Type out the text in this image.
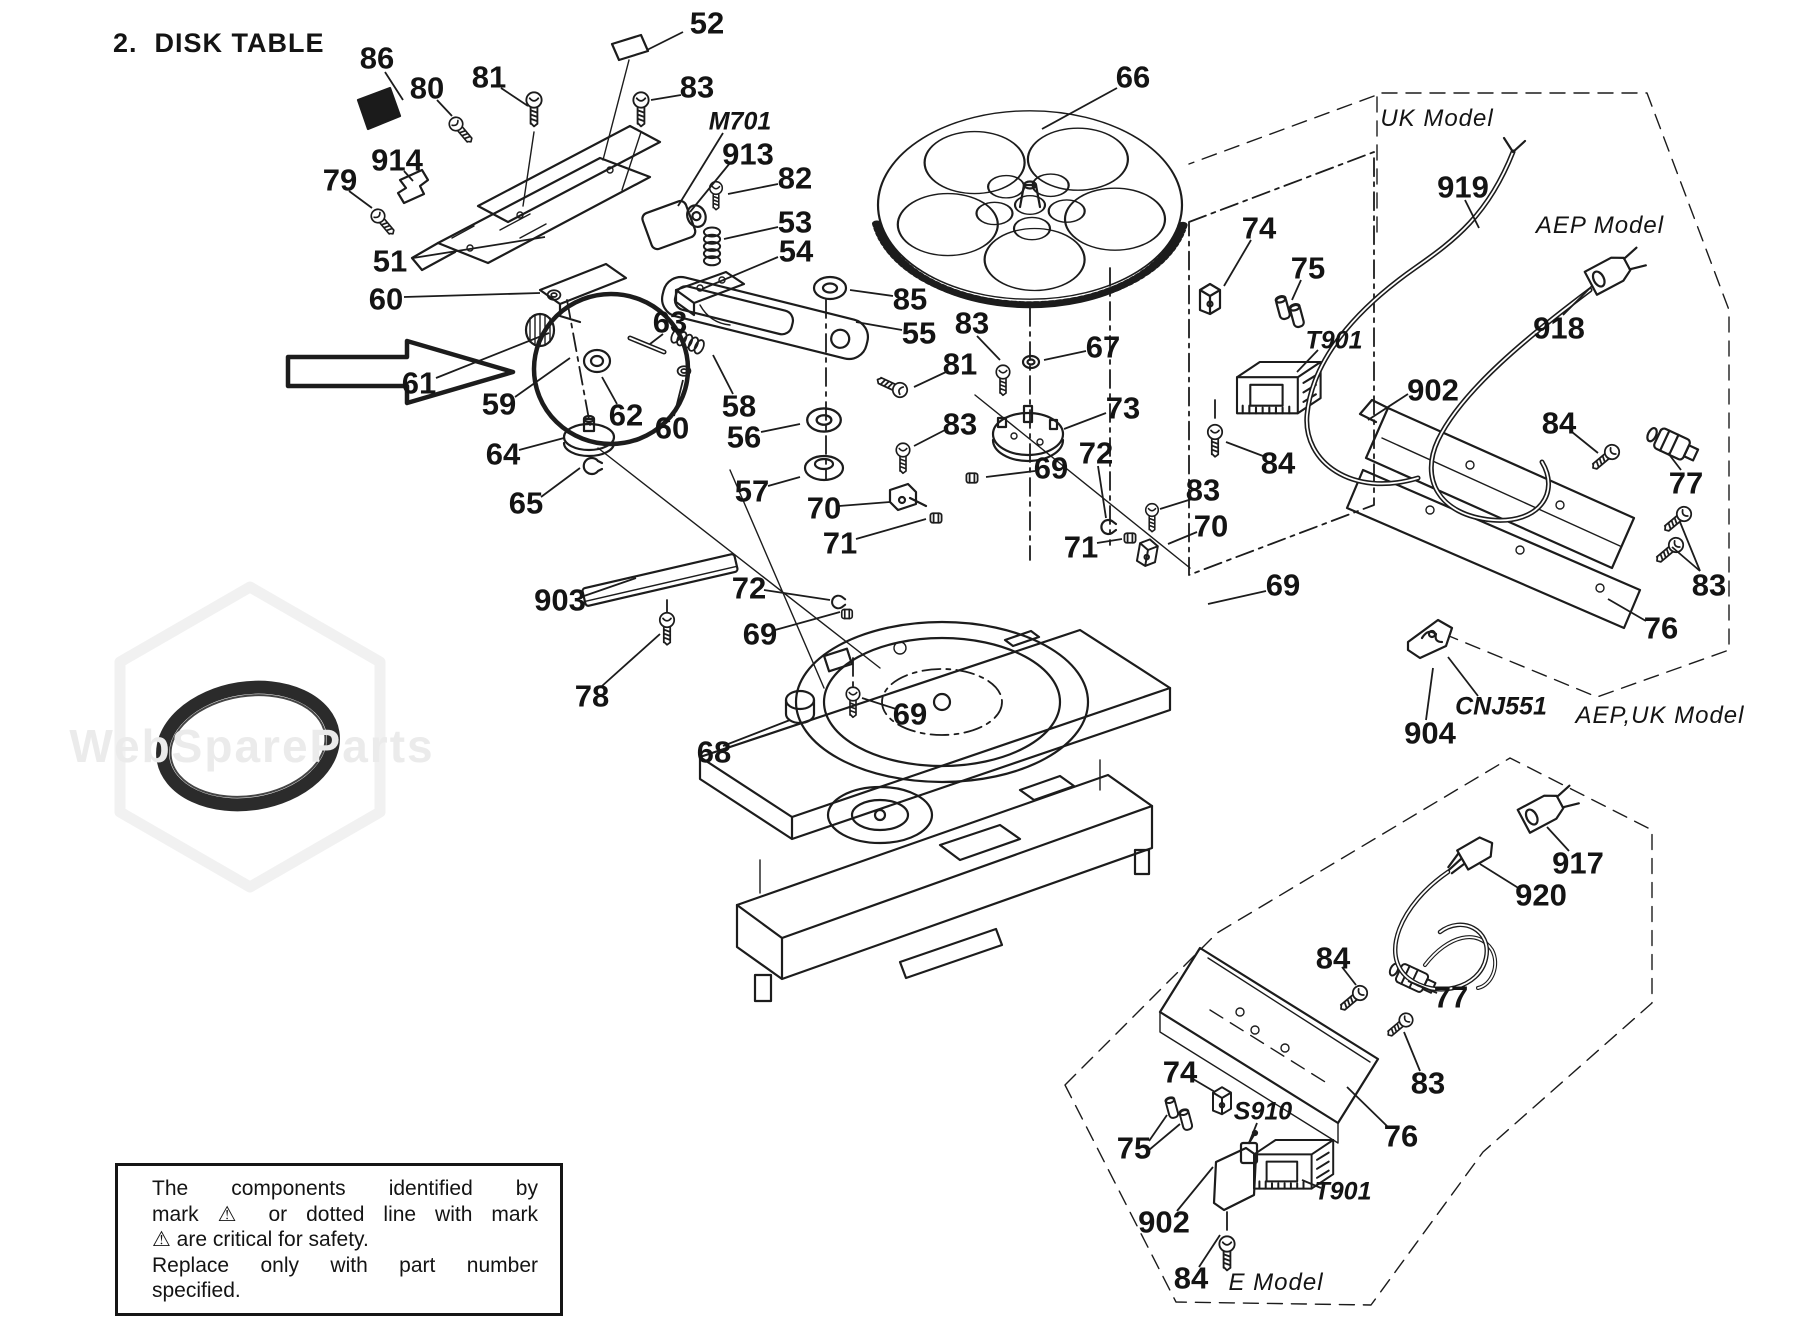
WebSpareParts
2.  DISK TABLE
52
86
80 81	83
M701
913
82
53
54
66
79
914
51
60	85
55 83
81
61
59
63
62 60
58
56	83
57
64
65	70
71
67
73
72
69
83
70
71
72
69
903
78
68
69
69
904
CNJ551 AEP,UK Model
UK Model
919
AEP Model
918
74
75
T901
902
84
84
77
83
76
917
920
84
77
83
76
74
S910
75
T901
902
84 E Model
The components identified by
mark ⚠ or dotted line with mark
⚠ are critical for safety.
Replace only with part number
specified.
